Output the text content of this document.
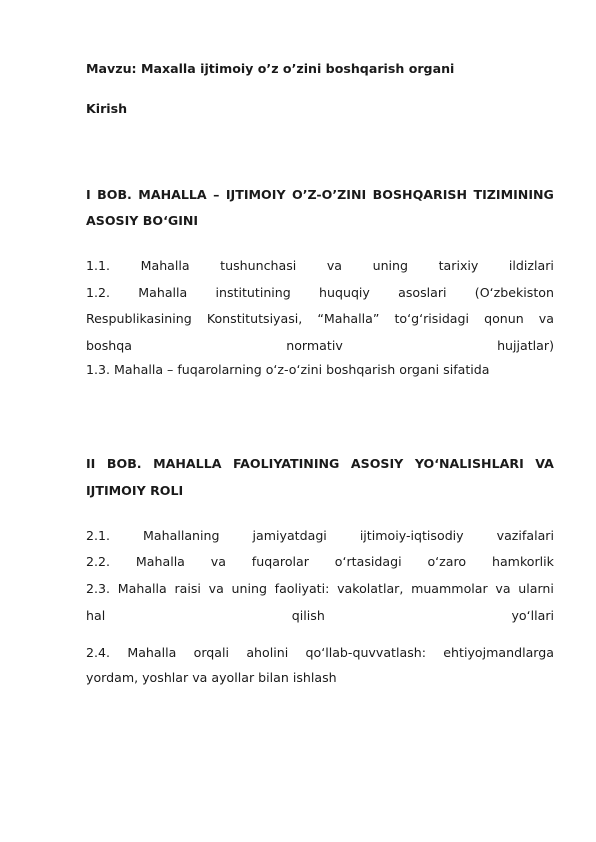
Mavzu: Maxalla ijtimoiy o’z o’zini boshqarish organi
Kirish
I BOB. MAHALLA – IJTIMOIY O’Z-O’ZINI BOSHQARISH TIZIMINING
ASOSIY BO‘GINI
1.1. Mahalla tushunchasi va uning tarixiy ildizlari
1.2. Mahalla institutining huquqiy asoslari (O‘zbekiston
Respublikasining Konstitutsiyasi, “Mahalla” to‘g‘risidagi qonun va
boshqa	normativ	hujjatlar)
1.3. Mahalla – fuqarolarning o‘z-o‘zini boshqarish organi sifatida
II BOB. MAHALLA FAOLIYATINING ASOSIY YO‘NALISHLARI VA
IJTIMOIY ROLI
2.1.	Mahallaning	jamiyatdagi	ijtimoiy-iqtisodiy	vazifalari
2.2. Mahalla va fuqarolar o‘rtasidagi o‘zaro hamkorlik
2.3. Mahalla raisi va uning faoliyati: vakolatlar, muammolar va ularni
hal	qilish	yo‘llari
2.4. Mahalla orqali aholini qo‘llab-quvvatlash: ehtiyojmandlarga
yordam, yoshlar va ayollar bilan ishlash
